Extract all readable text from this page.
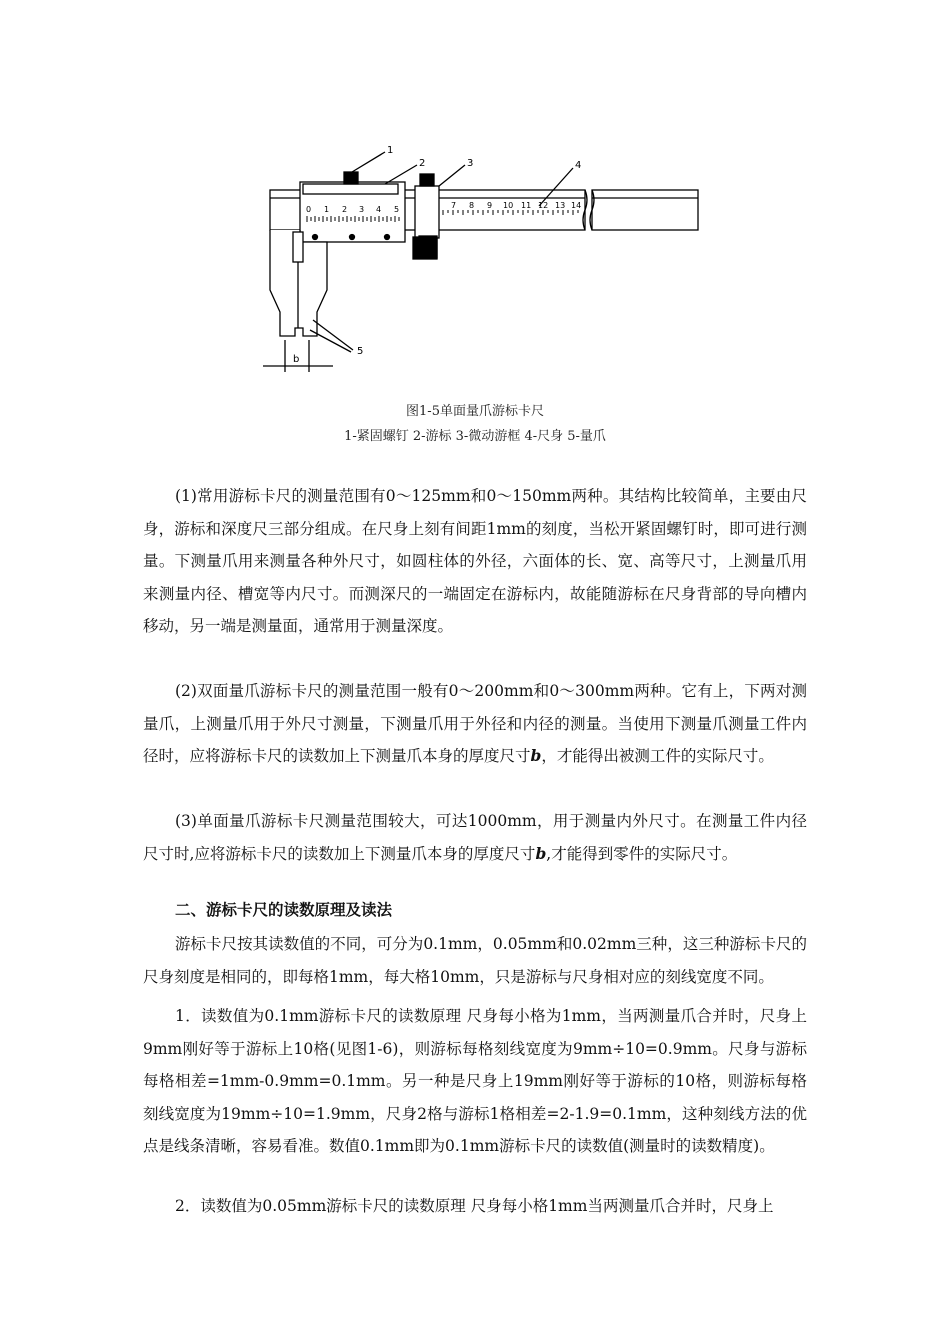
7 8 9 10 11 12 13 14
0 1 2 3 4 5
1
2	3	4
5
b
图1-5单面量爪游标卡尺
1-紧固螺钉 2-游标 3-微动游框 4-尺身 5-量爪

(1)常用游标卡尺的测量范围有0～125mm和0～150mm两种。其结构比较简单，主要由尺身，游标和深度尺三部分组成。在尺身上刻有间距1mm的刻度，当松开紧固螺钉时，即可进行测量。下测量爪用来测量各种外尺寸，如圆柱体的外径，六面体的长、宽、高等尺寸，上测量爪用来测量内径、槽宽等内尺寸。而测深尺的一端固定在游标内，故能随游标在尺身背部的导向槽内移动，另一端是测量面，通常用于测量深度。

(2)双面量爪游标卡尺的测量范围一般有0～200mm和0～300mm两种。它有上，下两对测量爪，上测量爪用于外尺寸测量，下测量爪用于外径和内径的测量。当使用下测量爪测量工件内径时，应将游标卡尺的读数加上下测量爪本身的厚度尺寸b，才能得出被测工件的实际尺寸。

(3)单面量爪游标卡尺测量范围较大，可达1000mm，用于测量内外尺寸。在测量工件内径尺寸时,应将游标卡尺的读数加上下测量爪本身的厚度尺寸b,才能得到零件的实际尺寸。

二、游标卡尺的读数原理及读法

游标卡尺按其读数值的不同，可分为0.1mm，0.05mm和0.02mm三种，这三种游标卡尺的尺身刻度是相同的，即每格1mm，每大格10mm，只是游标与尺身相对应的刻线宽度不同。

1．读数值为0.1mm游标卡尺的读数原理 尺身每小格为1mm，当两测量爪合并时，尺身上9mm刚好等于游标上10格(见图1-6)，则游标每格刻线宽度为9mm÷10=0.9mm。尺身与游标每格相差=1mm-0.9mm=0.1mm。另一种是尺身上19mm刚好等于游标的10格，则游标每格刻线宽度为19mm÷10=1.9mm，尺身2格与游标1格相差=2-1.9=0.1mm，这种刻线方法的优点是线条清晰，容易看准。数值0.1mm即为0.1mm游标卡尺的读数值(测量时的读数精度)。

2．读数值为0.05mm游标卡尺的读数原理 尺身每小格1mm当两测量爪合并时，尺身上
